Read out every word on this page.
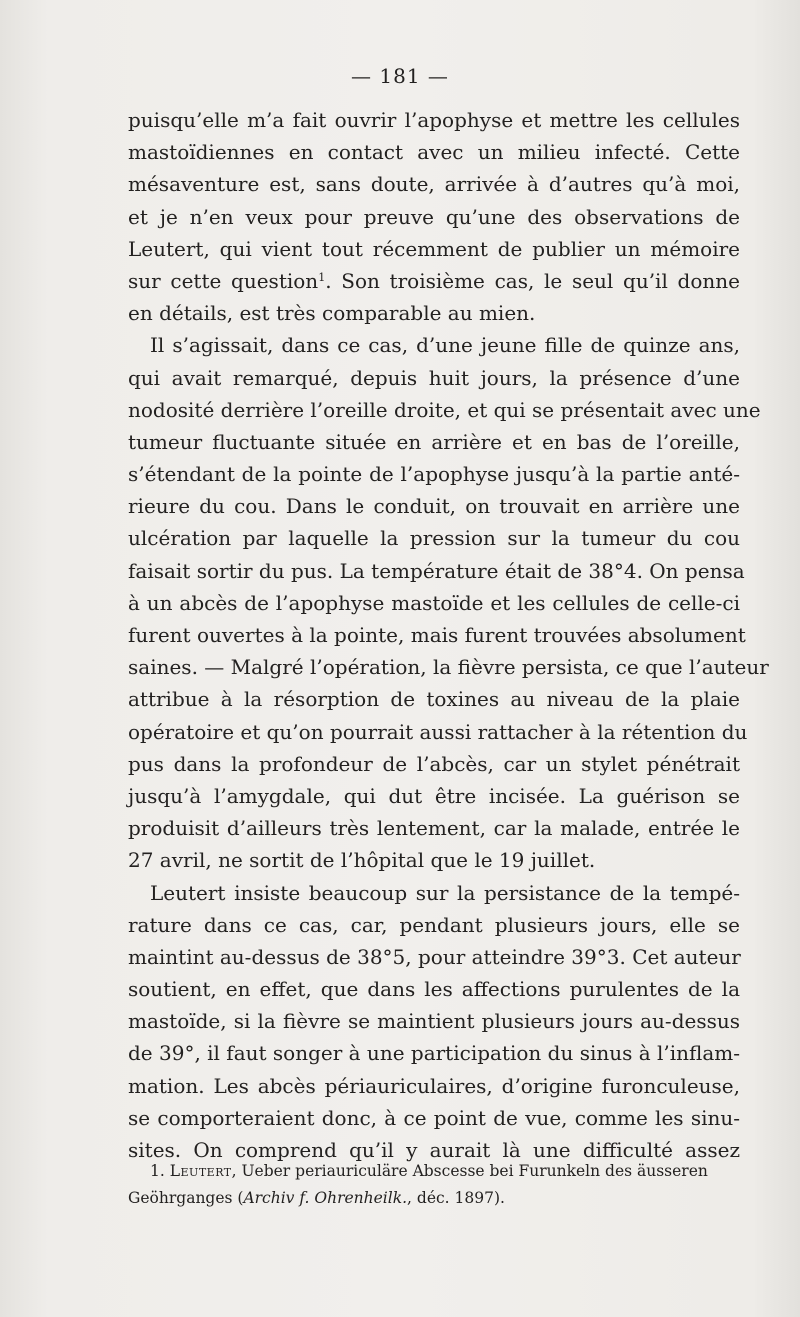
— 181 —
puisqu’elle m’a fait ouvrir l’apophyse et mettre les cellules
mastoïdiennes en contact avec un milieu infecté. Cette
mésaventure est, sans doute, arrivée à d’autres qu’à moi,
et je n’en veux pour preuve qu’une des observations de
Leutert, qui vient tout récemment de publier un mémoire
sur cette question$^1$. Son troisième cas, le seul qu’il donne
en détails, est très comparable au mien.
Il s’agissait, dans ce cas, d’une jeune fille de quinze ans,
qui avait remarqué, depuis huit jours, la présence d’une
nodosité derrière l’oreille droite, et qui se présentait avec une
tumeur fluctuante située en arrière et en bas de l’oreille,
s’étendant de la pointe de l’apophyse jusqu’à la partie anté-
rieure du cou. Dans le conduit, on trouvait en arrière une
ulcération par laquelle la pression sur la tumeur du cou
faisait sortir du pus. La température était de 38°4. On pensa
à un abcès de l’apophyse mastoïde et les cellules de celle-ci
furent ouvertes à la pointe, mais furent trouvées absolument
saines. — Malgré l’opération, la fièvre persista, ce que l’auteur
attribue à la résorption de toxines au niveau de la plaie
opératoire et qu’on pourrait aussi rattacher à la rétention du
pus dans la profondeur de l’abcès, car un stylet pénétrait
jusqu’à l’amygdale, qui dut être incisée. La guérison se
produisit d’ailleurs très lentement, car la malade, entrée le
27 avril, ne sortit de l’hôpital que le 19 juillet.
Leutert insiste beaucoup sur la persistance de la tempé-
rature dans ce cas, car, pendant plusieurs jours, elle se
maintint au-dessus de 38°5, pour atteindre 39°3. Cet auteur
soutient, en effet, que dans les affections purulentes de la
mastoïde, si la fièvre se maintient plusieurs jours au-dessus
de 39°, il faut songer à une participation du sinus à l’inflam-
mation. Les abcès périauriculaires, d’origine furonculeuse,
se comporteraient donc, à ce point de vue, comme les sinu-
sites. On comprend qu’il y aurait là une difficulté assez
1. Leutert, Ueber periauriculäre Abscesse bei Furunkeln des äusseren
Geöhrganges (Archiv f. Ohrenheilk., déc. 1897).
